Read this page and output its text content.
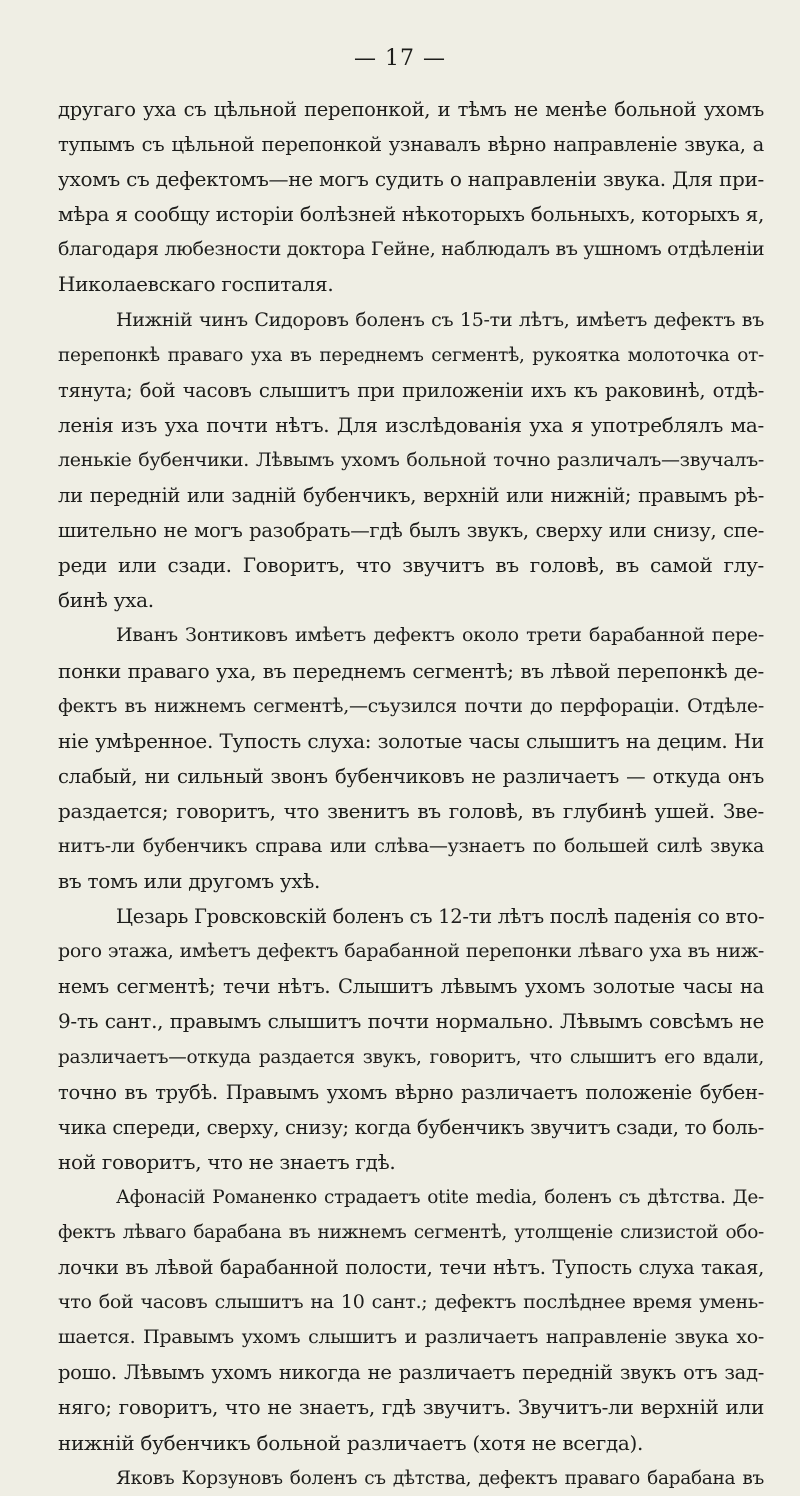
— 17 —

другаго уха съ цѣльной перепонкой, и тѣмъ не менѣе больной ухомъ
тупымъ съ цѣльной перепонкой узнавалъ вѣрно направленіе звука, а
ухомъ съ дефектомъ—не могъ судить о направленіи звука. Для при-
мѣра я сообщу исторіи болѣзней нѣкоторыхъ больныхъ, которыхъ я,
благодаря любезности доктора Гейне, наблюдалъ въ ушномъ отдѣленіи
Николаевскаго госпиталя.

Нижній чинъ Сидоровъ боленъ съ 15-ти лѣтъ, имѣетъ дефектъ въ
перепонкѣ праваго уха въ переднемъ сегментѣ, рукоятка молоточка от-
тянута; бой часовъ слышитъ при приложеніи ихъ къ раковинѣ, отдѣ-
ленія изъ уха почти нѣтъ. Для изслѣдованія уха я употреблялъ ма-
ленькіе бубенчики. Лѣвымъ ухомъ больной точно различалъ—звучалъ-
ли передній или задній бубенчикъ, верхній или нижній; правымъ рѣ-
шительно не могъ разобрать—гдѣ былъ звукъ, сверху или снизу, спе-
реди или сзади. Говоритъ, что звучитъ въ головѣ, въ самой глу-
бинѣ уха.

Иванъ Зонтиковъ имѣетъ дефектъ около трети барабанной пере-
понки праваго уха, въ переднемъ сегментѣ; въ лѣвой перепонкѣ де-
фектъ въ нижнемъ сегментѣ,—съузился почти до перфораціи. Отдѣле-
ніе умѣренное. Тупость слуха: золотые часы слышитъ на децим. Ни
слабый, ни сильный звонъ бубенчиковъ не различаетъ — откуда онъ
раздается; говоритъ, что звенитъ въ головѣ, въ глубинѣ ушей. Зве-
нитъ-ли бубенчикъ справа или слѣва—узнаетъ по большей силѣ звука
въ томъ или другомъ ухѣ.

Цезарь Гровсковскій боленъ съ 12-ти лѣтъ послѣ паденія со вто-
рого этажа, имѣетъ дефектъ барабанной перепонки лѣваго уха въ ниж-
немъ сегментѣ; течи нѣтъ. Слышитъ лѣвымъ ухомъ золотые часы на
9-ть сант., правымъ слышитъ почти нормально. Лѣвымъ совсѣмъ не
различаетъ—откуда раздается звукъ, говоритъ, что слышитъ его вдали,
точно въ трубѣ. Правымъ ухомъ вѣрно различаетъ положеніе бубен-
чика спереди, сверху, снизу; когда бубенчикъ звучитъ сзади, то боль-
ной говоритъ, что не знаетъ гдѣ.

Афонасій Романенко страдаетъ otite media, боленъ съ дѣтства. Де-
фектъ лѣваго барабана въ нижнемъ сегментѣ, утолщеніе слизистой обо-
лочки въ лѣвой барабанной полости, течи нѣтъ. Тупость слуха такая,
что бой часовъ слышитъ на 10 сант.; дефектъ послѣднее время умень-
шается. Правымъ ухомъ слышитъ и различаетъ направленіе звука хо-
рошо. Лѣвымъ ухомъ никогда не различаетъ передній звукъ отъ зад-
няго; говоритъ, что не знаетъ, гдѣ звучитъ. Звучитъ-ли верхній или
нижній бубенчикъ больной различаетъ (хотя не всегда).

Яковъ Корзуновъ боленъ съ дѣтства, дефектъ праваго барабана въ
